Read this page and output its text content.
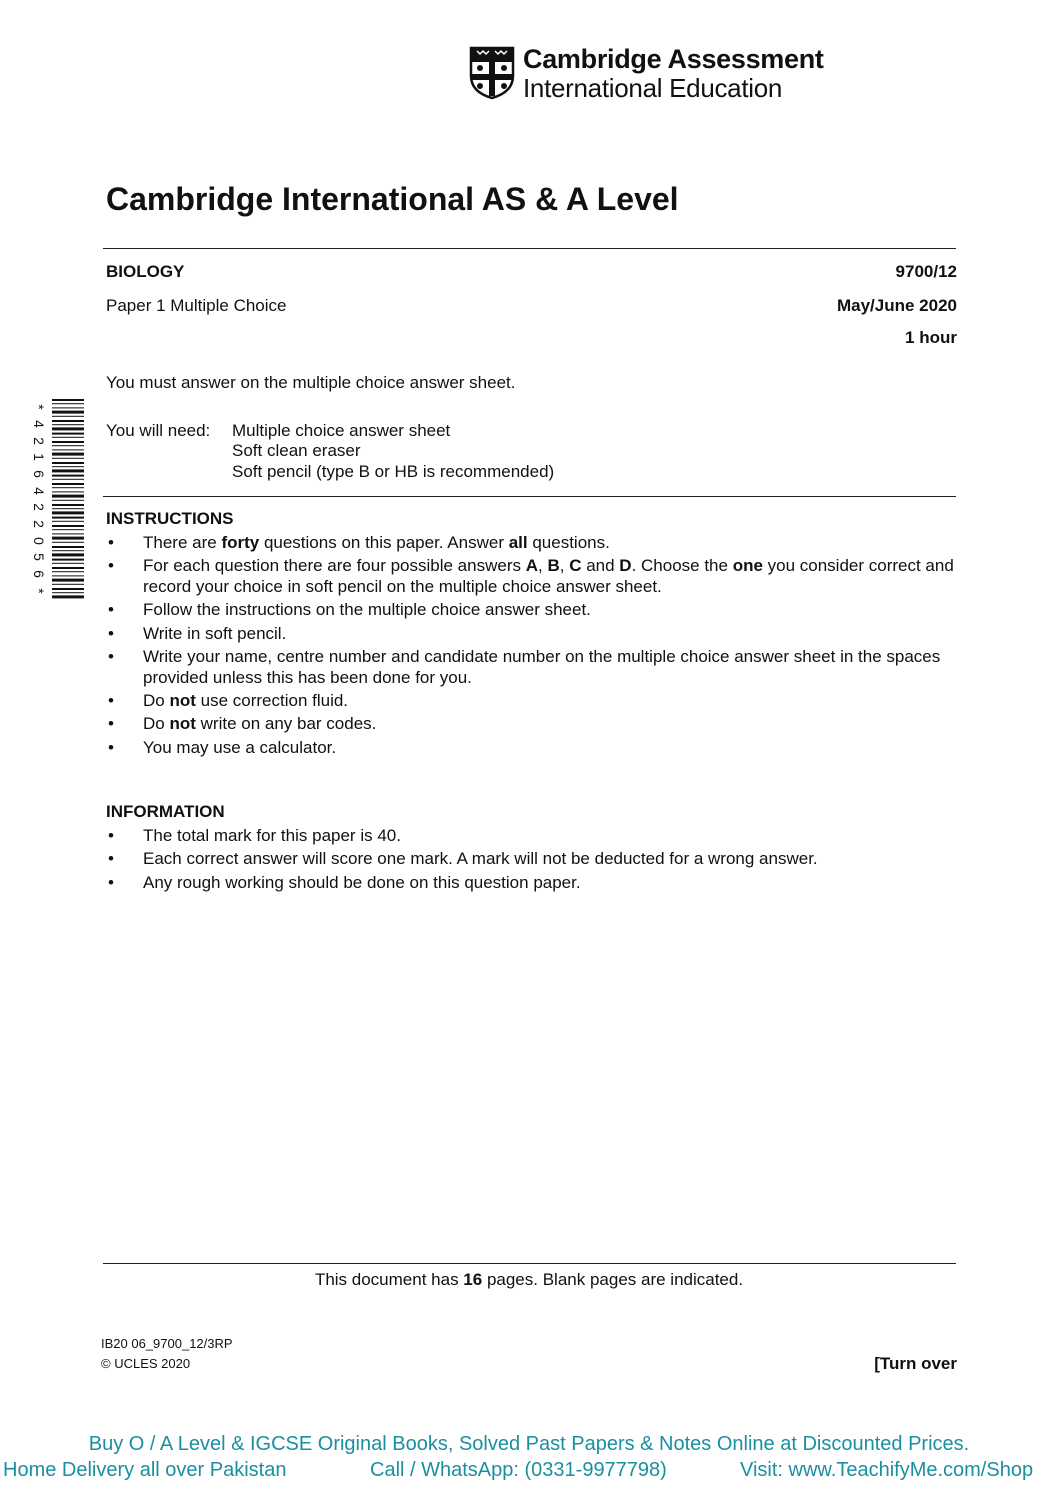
Cambridge Assessment
International Education
Cambridge International AS & A Level
BIOLOGY	9700/12
Paper 1 Multiple Choice	May/June 2020
1 hour
*
4
2
1
6
4
2
2
0
5
6
*
You must answer on the multiple choice answer sheet.
You will need: Multiple choice answer sheet
Soft clean eraser
Soft pencil (type B or HB is recommended)
INSTRUCTIONS
• There are forty questions on this paper. Answer all questions.
• For each question there are four possible answers A, B, C and D. Choose the one you consider correct and record your choice in soft pencil on the multiple choice answer sheet.
• Follow the instructions on the multiple choice answer sheet.
• Write in soft pencil.
• Write your name, centre number and candidate number on the multiple choice answer sheet in the spaces provided unless this has been done for you.
• Do not use correction fluid.
• Do not write on any bar codes.
• You may use a calculator.
INFORMATION
• The total mark for this paper is 40.
• Each correct answer will score one mark. A mark will not be deducted for a wrong answer.
• Any rough working should be done on this question paper.
This document has 16 pages. Blank pages are indicated.
IB20 06_9700_12/3RP
© UCLES 2020	[Turn over
Buy O / A Level & IGCSE Original Books, Solved Past Papers & Notes Online at Discounted Prices.
Home Delivery all over Pakistan	Call / WhatsApp: (0331-9977798)	Visit: www.TeachifyMe.com/Shop
